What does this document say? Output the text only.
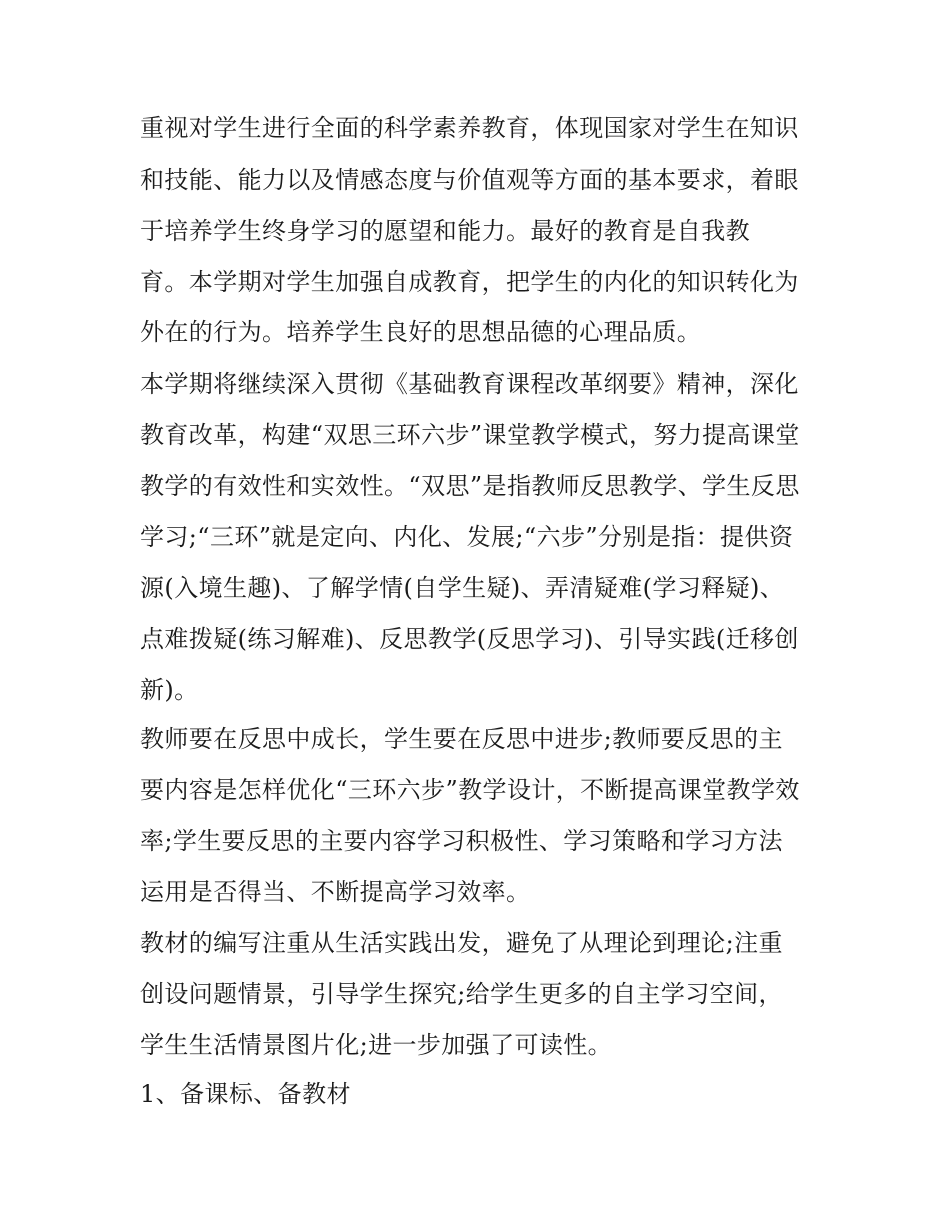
重视对学生进行全面的科学素养教育，体现国家对学生在知识

和技能、能力以及情感态度与价值观等方面的基本要求，着眼

于培养学生终身学习的愿望和能力。最好的教育是自我教

育。本学期对学生加强自成教育，把学生的内化的知识转化为

外在的行为。培养学生良好的思想品德的心理品质。

本学期将继续深入贯彻《基础教育课程改革纲要》精神，深化

教育改革，构建“双思三环六步”课堂教学模式，努力提高课堂

教学的有效性和实效性。“双思”是指教师反思教学、学生反思

学习;“三环”就是定向、内化、发展;“六步”分别是指：提供资

源(入境生趣)、了解学情(自学生疑)、弄清疑难(学习释疑)、

点难拨疑(练习解难)、反思教学(反思学习)、引导实践(迁移创

新)。

教师要在反思中成长，学生要在反思中进步;教师要反思的主

要内容是怎样优化“三环六步”教学设计，不断提高课堂教学效

率;学生要反思的主要内容学习积极性、学习策略和学习方法

运用是否得当、不断提高学习效率。

教材的编写注重从生活实践出发，避免了从理论到理论;注重

创设问题情景，引导学生探究;给学生更多的自主学习空间，

学生生活情景图片化;进一步加强了可读性。

1、备课标、备教材
